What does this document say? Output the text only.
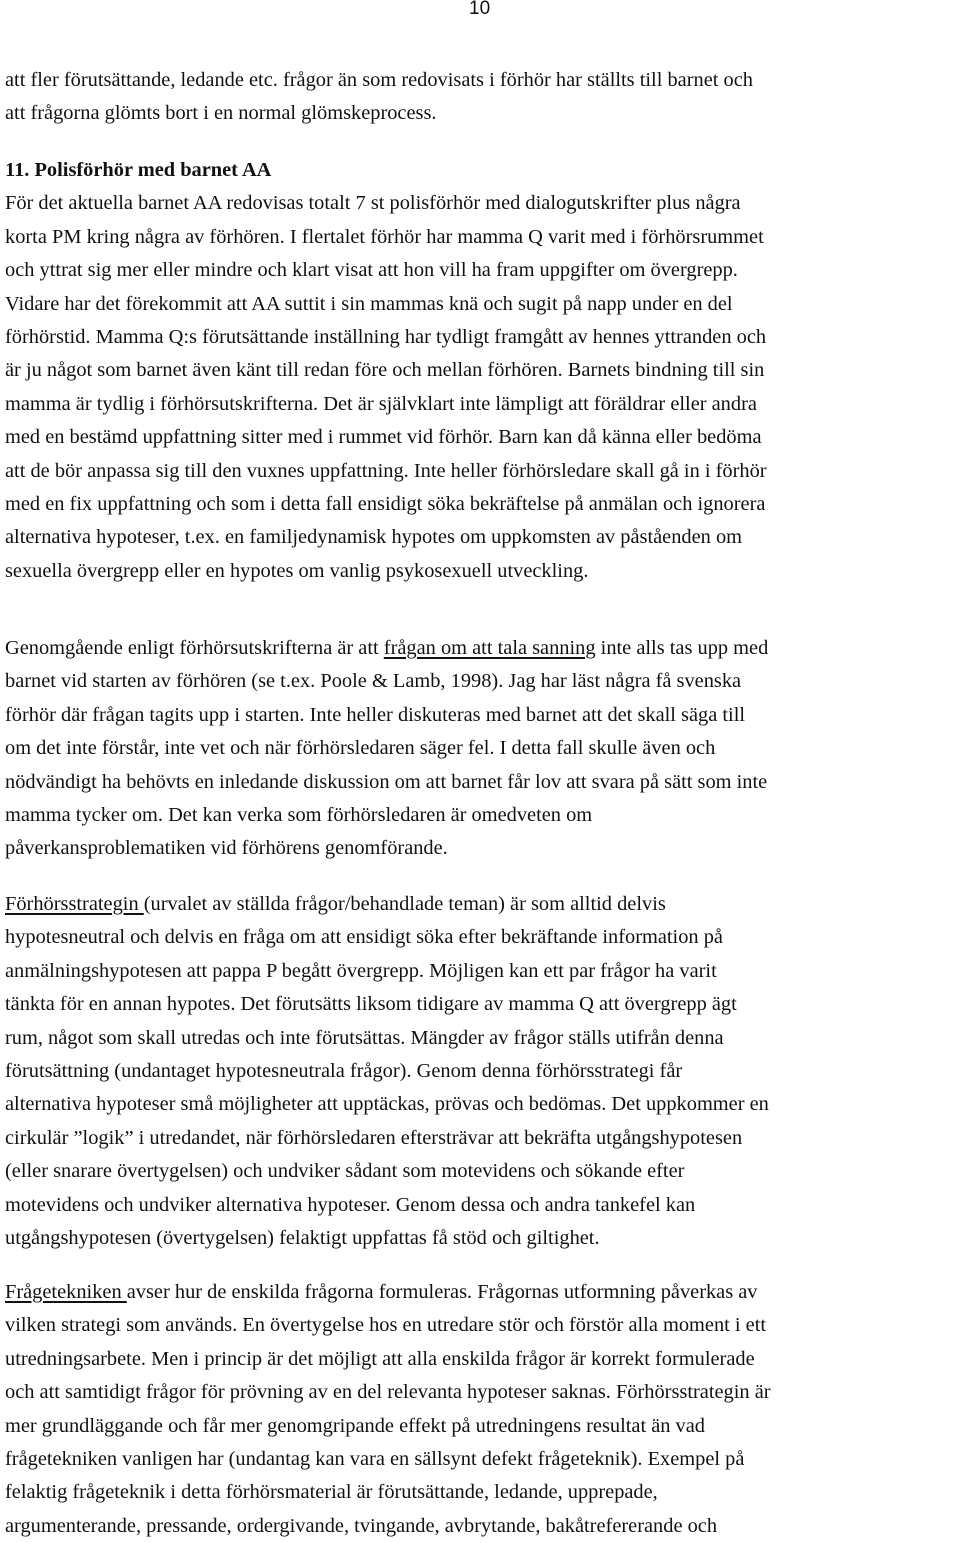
10
att fler förutsättande, ledande etc. frågor än som redovisats i förhör har ställts till barnet och
att frågorna glömts bort i en normal glömskeprocess.
11. Polisförhör med barnet AA
För det aktuella barnet AA redovisas totalt 7 st polisförhör med dialogutskrifter plus några
korta PM kring några av förhören. I flertalet förhör har mamma Q varit med i förhörsrummet
och yttrat sig mer eller mindre och klart visat att hon vill ha fram uppgifter om övergrepp.
Vidare har det förekommit att AA suttit i sin mammas knä och sugit på napp under en del
förhörstid. Mamma Q:s förutsättande inställning har tydligt framgått av hennes yttranden och
är ju något som barnet även känt till redan före och mellan förhören. Barnets bindning till sin
mamma är tydlig i förhörsutskrifterna. Det är självklart inte lämpligt att föräldrar eller andra
med en bestämd uppfattning sitter med i rummet vid förhör. Barn kan då känna eller bedöma
att de bör anpassa sig till den vuxnes uppfattning. Inte heller förhörsledare skall gå in i förhör
med en fix uppfattning och som i detta fall ensidigt söka bekräftelse på anmälan och ignorera
alternativa hypoteser, t.ex. en familjedynamisk hypotes om uppkomsten av påståenden om
sexuella övergrepp eller en hypotes om vanlig psykosexuell utveckling.
Genomgående enligt förhörsutskrifterna är att frågan om att tala sanning inte alls tas upp med
barnet vid starten av förhören (se t.ex. Poole & Lamb, 1998). Jag har läst några få svenska
förhör där frågan tagits upp i starten. Inte heller diskuteras med barnet att det skall säga till
om det inte förstår, inte vet och när förhörsledaren säger fel. I detta fall skulle även och
nödvändigt ha behövts en inledande diskussion om att barnet får lov att svara på sätt som inte
mamma tycker om. Det kan verka som förhörsledaren är omedveten om
påverkansproblematiken vid förhörens genomförande.
Förhörsstrategin (urvalet av ställda frågor/behandlade teman) är som alltid delvis
hypotesneutral och delvis en fråga om att ensidigt söka efter bekräftande information på
anmälningshypotesen att pappa P begått övergrepp. Möjligen kan ett par frågor ha varit
tänkta för en annan hypotes. Det förutsätts liksom tidigare av mamma Q att övergrepp ägt
rum, något som skall utredas och inte förutsättas. Mängder av frågor ställs utifrån denna
förutsättning (undantaget hypotesneutrala frågor). Genom denna förhörsstrategi får
alternativa hypoteser små möjligheter att upptäckas, prövas och bedömas. Det uppkommer en
cirkulär ”logik” i utredandet, när förhörsledaren eftersträvar att bekräfta utgångshypotesen
(eller snarare övertygelsen) och undviker sådant som motevidens och sökande efter
motevidens och undviker alternativa hypoteser. Genom dessa och andra tankefel kan
utgångshypotesen (övertygelsen) felaktigt uppfattas få stöd och giltighet.
Frågetekniken avser hur de enskilda frågorna formuleras. Frågornas utformning påverkas av
vilken strategi som används. En övertygelse hos en utredare stör och förstör alla moment i ett
utredningsarbete. Men i princip är det möjligt att alla enskilda frågor är korrekt formulerade
och att samtidigt frågor för prövning av en del relevanta hypoteser saknas. Förhörsstrategin är
mer grundläggande och får mer genomgripande effekt på utredningens resultat än vad
frågetekniken vanligen har (undantag kan vara en sällsynt defekt frågeteknik). Exempel på
felaktig frågeteknik i detta förhörsmaterial är förutsättande, ledande, upprepade,
argumenterande, pressande, ordergivande, tvingande, avbrytande, bakåtrefererande och
